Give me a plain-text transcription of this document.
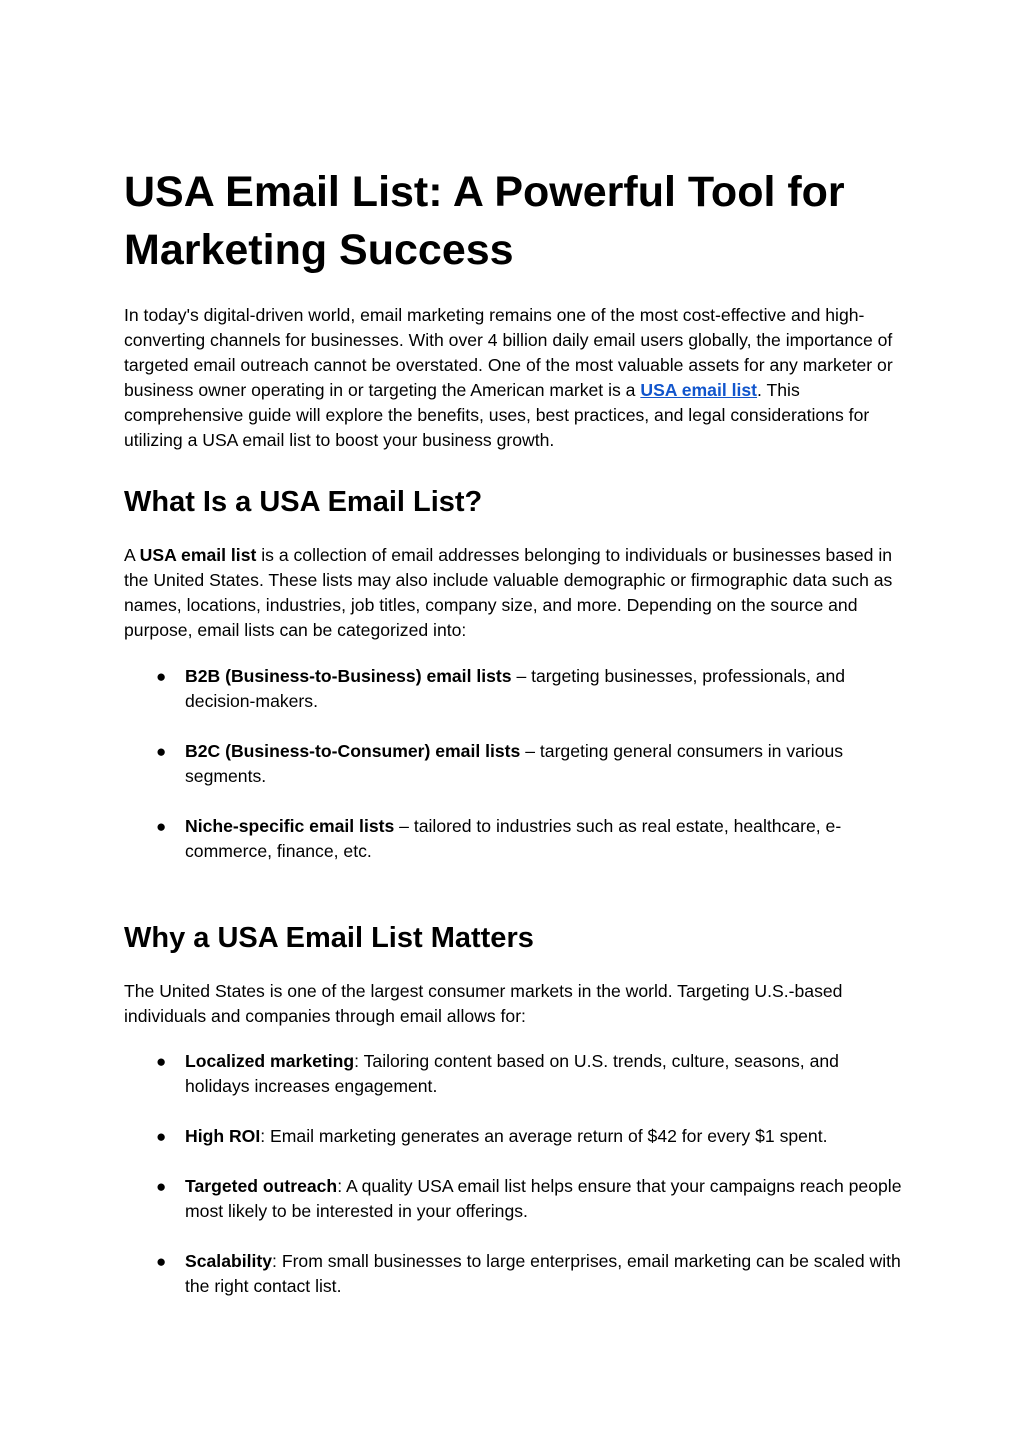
USA Email List: A Powerful Tool for Marketing Success

In today's digital-driven world, email marketing remains one of the most cost-effective and high-converting channels for businesses. With over 4 billion daily email users globally, the importance of targeted email outreach cannot be overstated. One of the most valuable assets for any marketer or business owner operating in or targeting the American market is a USA email list. This comprehensive guide will explore the benefits, uses, best practices, and legal considerations for utilizing a USA email list to boost your business growth.

What Is a USA Email List?

A USA email list is a collection of email addresses belonging to individuals or businesses based in the United States. These lists may also include valuable demographic or firmographic data such as names, locations, industries, job titles, company size, and more. Depending on the source and purpose, email lists can be categorized into:

● B2B (Business-to-Business) email lists – targeting businesses, professionals, and decision-makers.
● B2C (Business-to-Consumer) email lists – targeting general consumers in various segments.
● Niche-specific email lists – tailored to industries such as real estate, healthcare, e-commerce, finance, etc.
Why a USA Email List Matters

The United States is one of the largest consumer markets in the world. Targeting U.S.-based individuals and companies through email allows for:

● Localized marketing: Tailoring content based on U.S. trends, culture, seasons, and holidays increases engagement.
● High ROI: Email marketing generates an average return of $42 for every $1 spent.
● Targeted outreach: A quality USA email list helps ensure that your campaigns reach people most likely to be interested in your offerings.
● Scalability: From small businesses to large enterprises, email marketing can be scaled with the right contact list.
